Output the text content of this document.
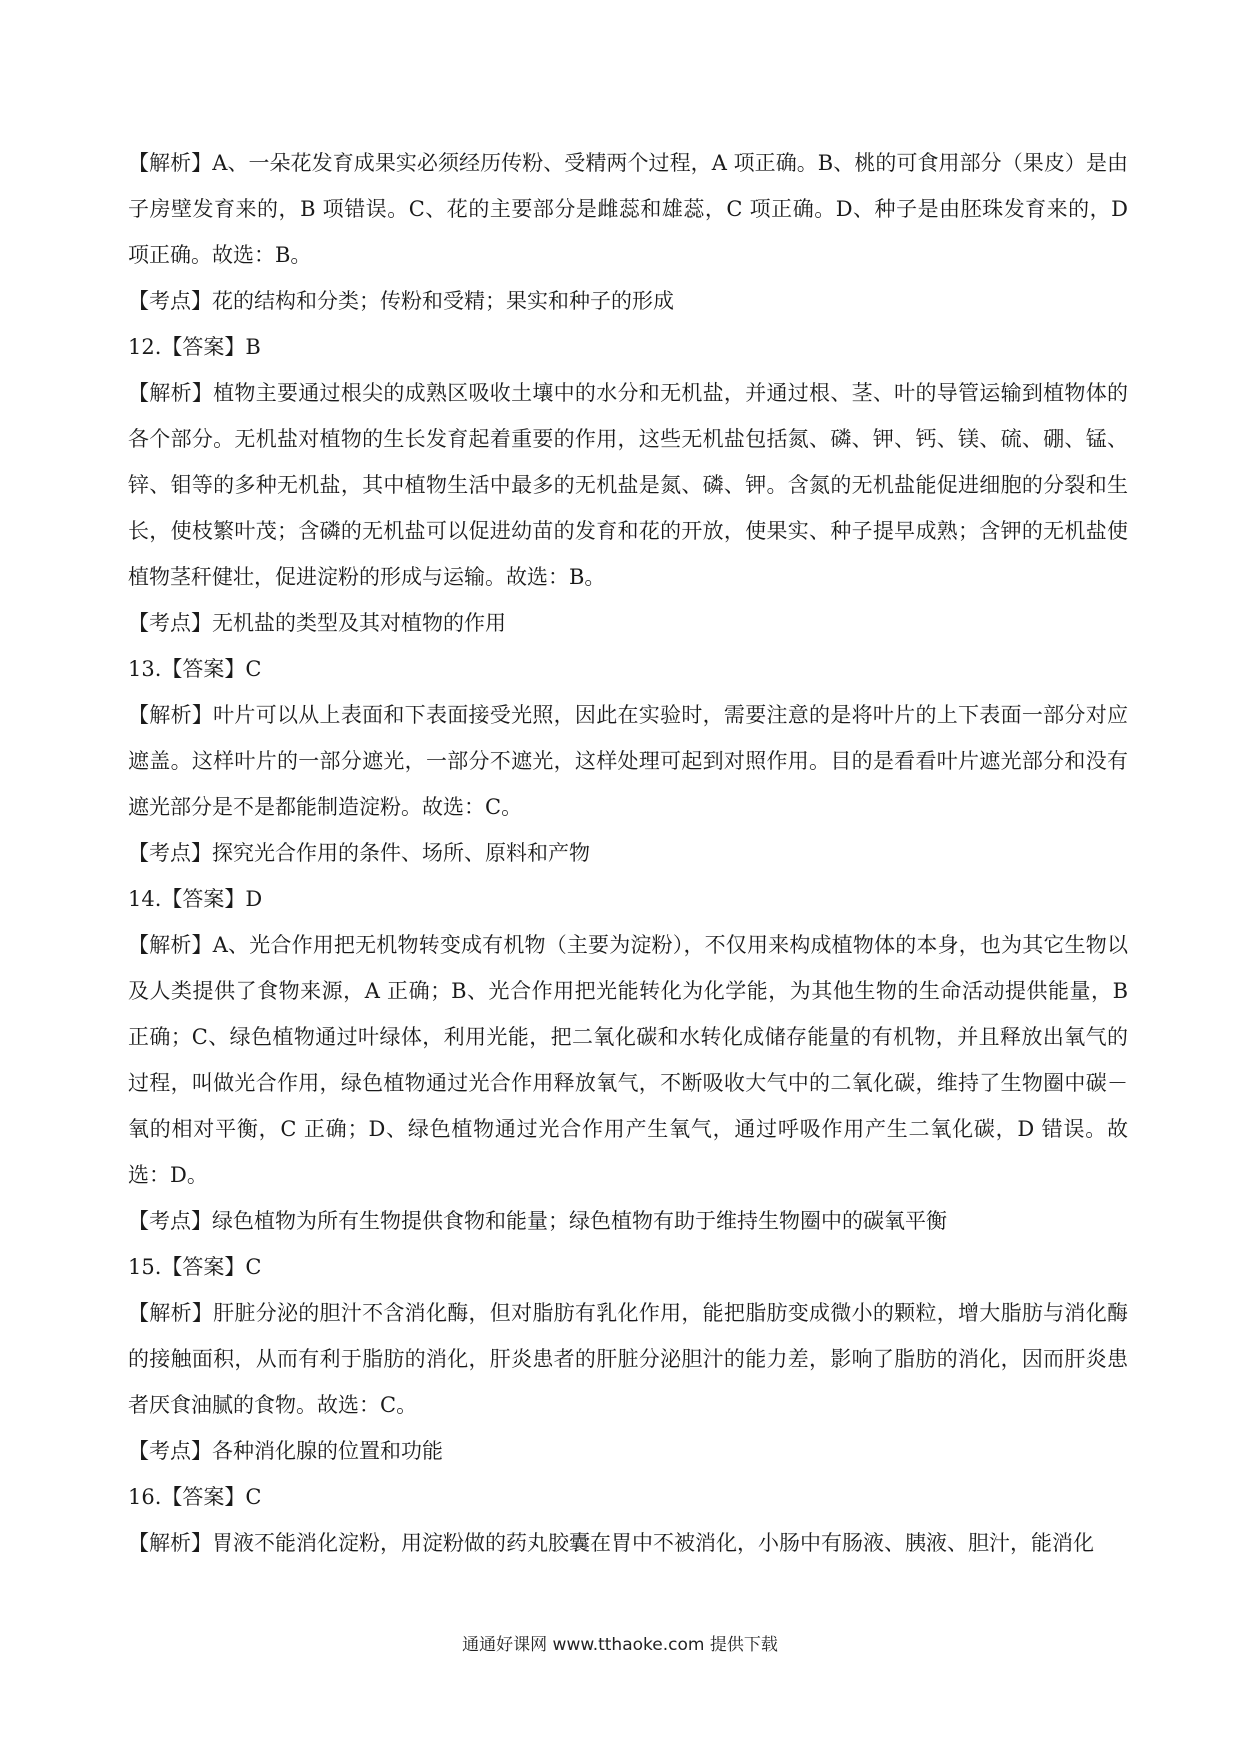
【解析】A、一朵花发育成果实必须经历传粉、受精两个过程，A 项正确。B、桃的可食用部分（果皮）是由子房壁发育来的，B 项错误。C、花的主要部分是雌蕊和雄蕊，C 项正确。D、种子是由胚珠发育来的，D 项正确。故选：B。

【考点】花的结构和分类；传粉和受精；果实和种子的形成

12.【答案】B

【解析】植物主要通过根尖的成熟区吸收土壤中的水分和无机盐，并通过根、茎、叶的导管运输到植物体的各个部分。无机盐对植物的生长发育起着重要的作用，这些无机盐包括氮、磷、钾、钙、镁、硫、硼、锰、锌、钼等的多种无机盐，其中植物生活中最多的无机盐是氮、磷、钾。含氮的无机盐能促进细胞的分裂和生长，使枝繁叶茂；含磷的无机盐可以促进幼苗的发育和花的开放，使果实、种子提早成熟；含钾的无机盐使植物茎秆健壮，促进淀粉的形成与运输。故选：B。

【考点】无机盐的类型及其对植物的作用

13.【答案】C

【解析】叶片可以从上表面和下表面接受光照，因此在实验时，需要注意的是将叶片的上下表面一部分对应遮盖。这样叶片的一部分遮光，一部分不遮光，这样处理可起到对照作用。目的是看看叶片遮光部分和没有遮光部分是不是都能制造淀粉。故选：C。

【考点】探究光合作用的条件、场所、原料和产物

14.【答案】D

【解析】A、光合作用把无机物转变成有机物（主要为淀粉），不仅用来构成植物体的本身，也为其它生物以及人类提供了食物来源，A 正确；B、光合作用把光能转化为化学能，为其他生物的生命活动提供能量，B 正确；C、绿色植物通过叶绿体，利用光能，把二氧化碳和水转化成储存能量的有机物，并且释放出氧气的过程，叫做光合作用，绿色植物通过光合作用释放氧气，不断吸收大气中的二氧化碳，维持了生物圈中碳－氧的相对平衡，C 正确；D、绿色植物通过光合作用产生氧气，通过呼吸作用产生二氧化碳，D 错误。故选：D。

【考点】绿色植物为所有生物提供食物和能量；绿色植物有助于维持生物圈中的碳氧平衡

15.【答案】C

【解析】肝脏分泌的胆汁不含消化酶，但对脂肪有乳化作用，能把脂肪变成微小的颗粒，增大脂肪与消化酶的接触面积，从而有利于脂肪的消化，肝炎患者的肝脏分泌胆汁的能力差，影响了脂肪的消化，因而肝炎患者厌食油腻的食物。故选：C。

【考点】各种消化腺的位置和功能

16.【答案】C

【解析】胃液不能消化淀粉，用淀粉做的药丸胶囊在胃中不被消化，小肠中有肠液、胰液、胆汁，能消化

通通好课网 www.tthaoke.com 提供下载
